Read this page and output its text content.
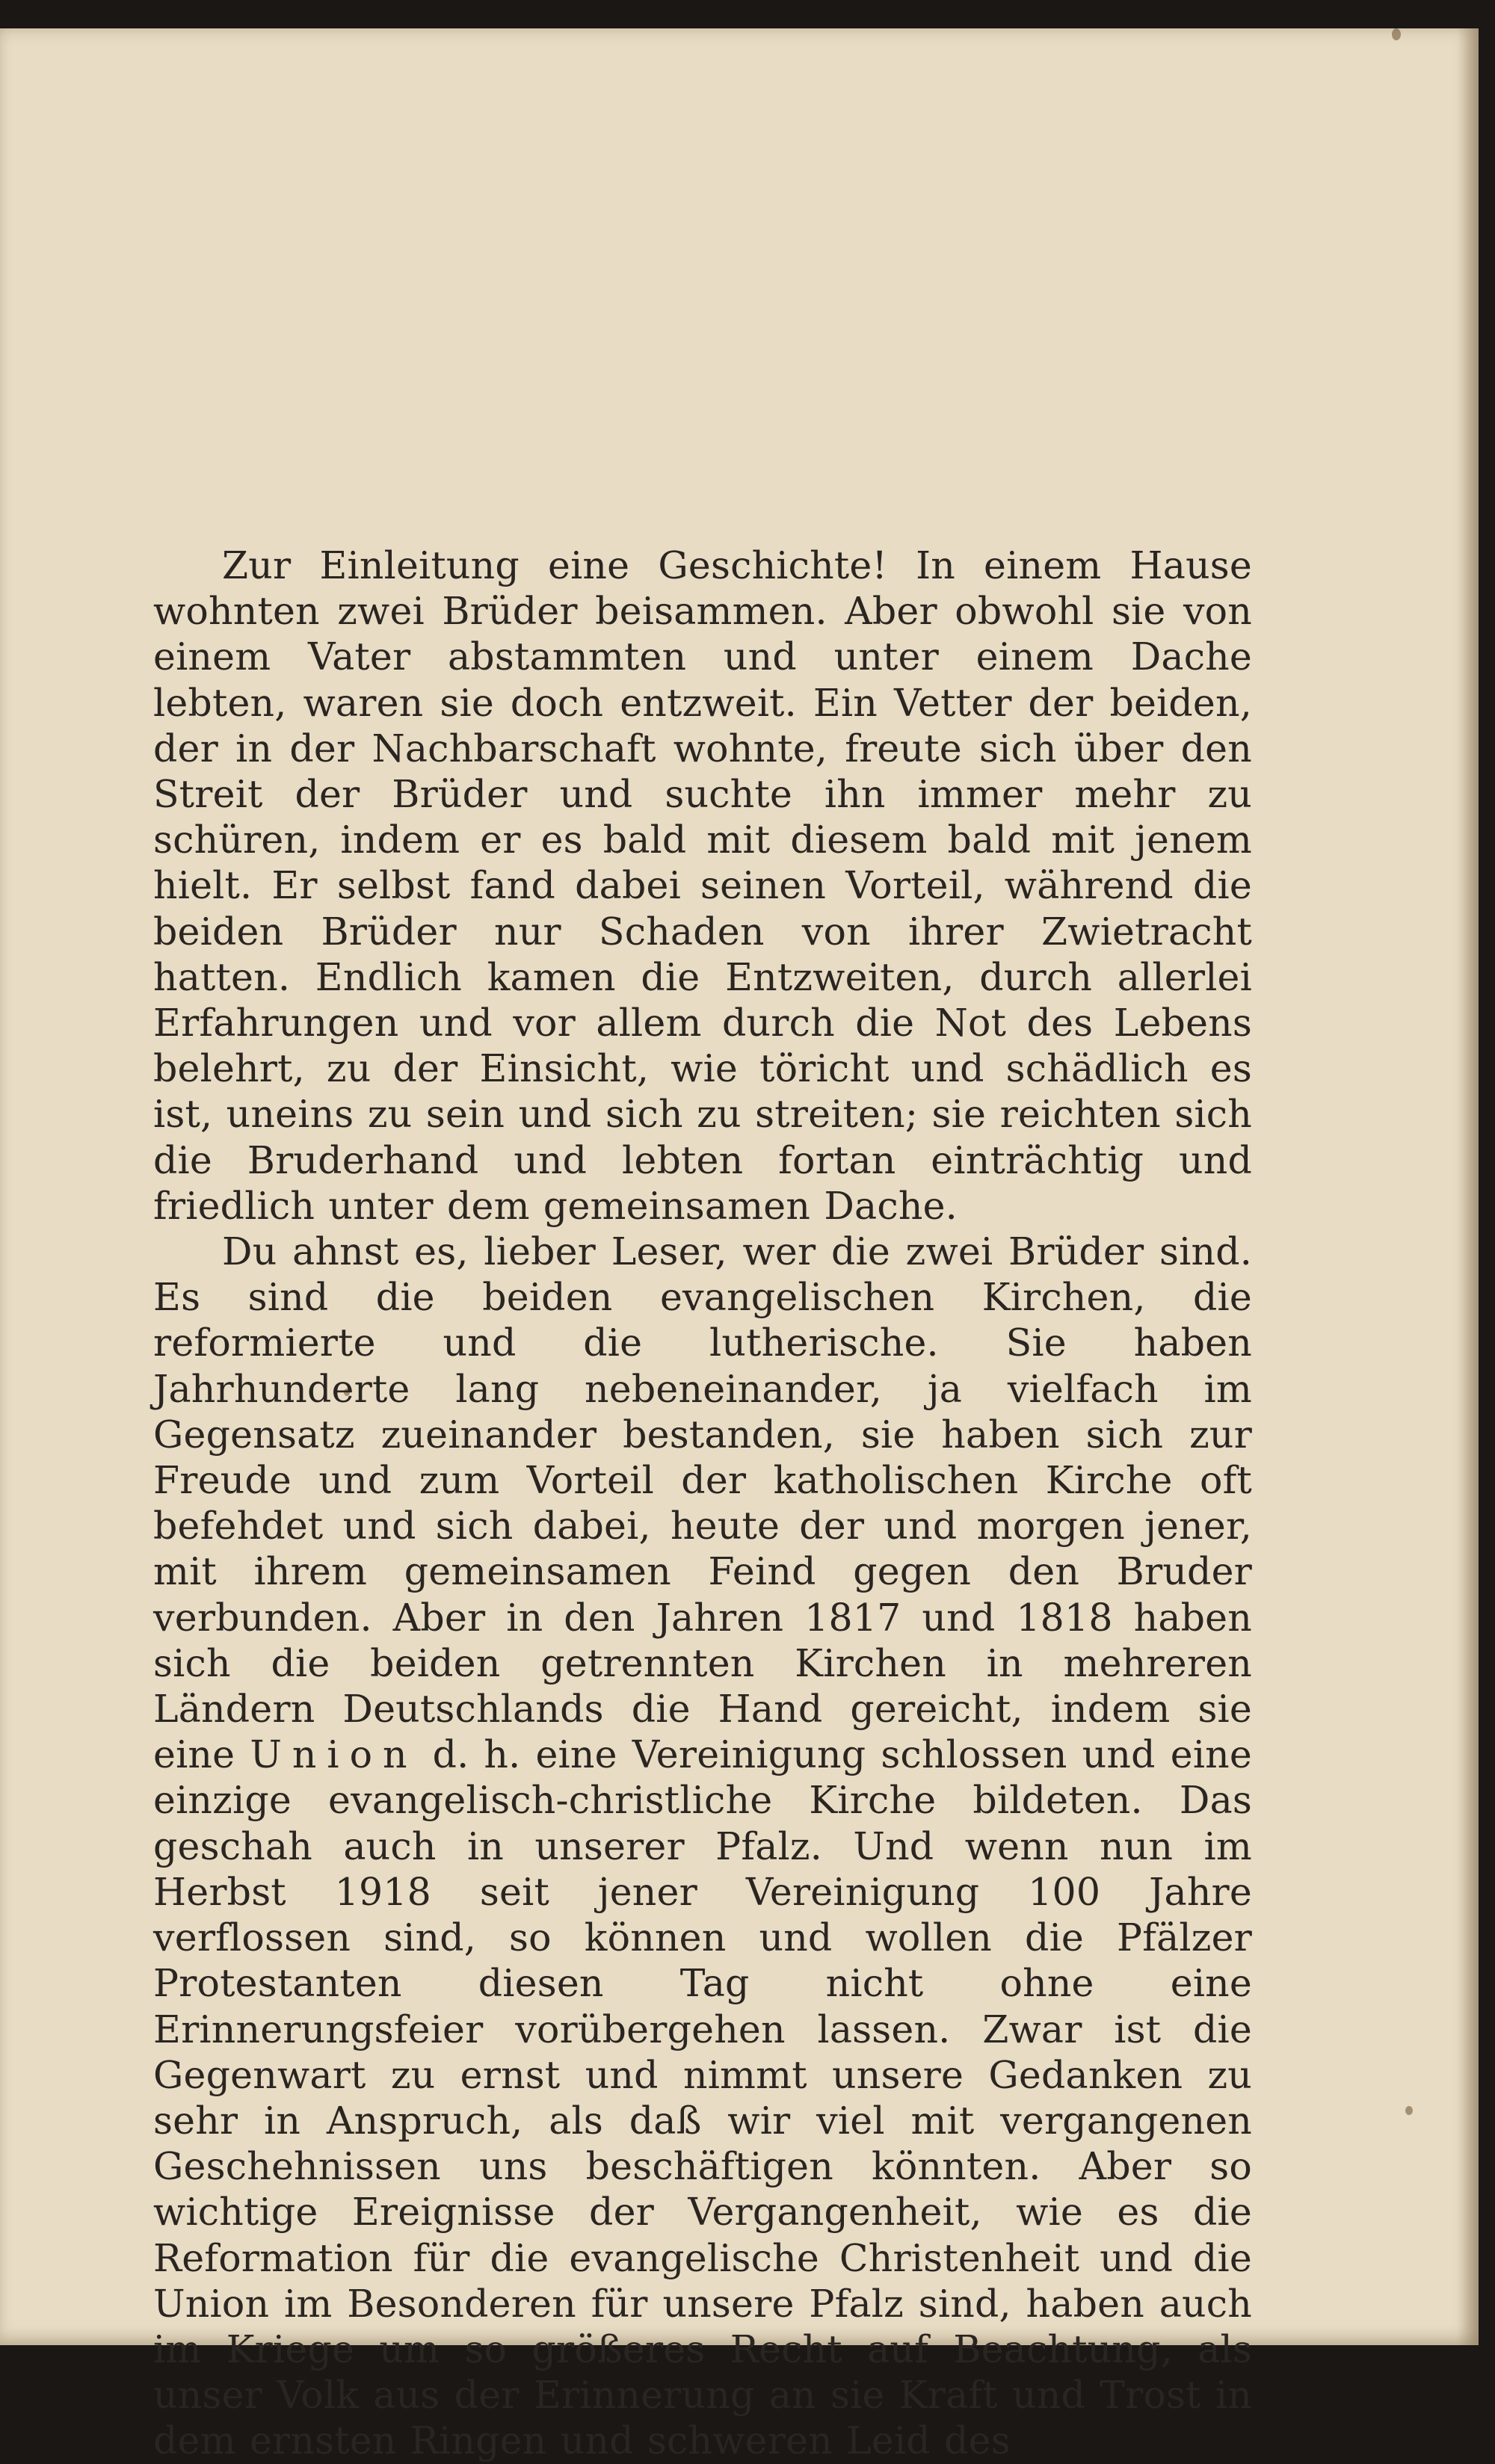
Zur Einleitung eine Geschichte! In einem Hause wohnten zwei Brüder beisammen. Aber obwohl sie von einem Vater abstammten und unter einem Dache lebten, waren sie doch entzweit. Ein Vetter der beiden, der in der Nachbarschaft wohnte, freute sich über den Streit der Brüder und suchte ihn immer mehr zu schüren, indem er es bald mit diesem bald mit jenem hielt. Er selbst fand dabei seinen Vorteil, während die beiden Brüder nur Schaden von ihrer Zwietracht hatten. Endlich kamen die Entzweiten, durch allerlei Erfahrungen und vor allem durch die Not des Lebens belehrt, zu der Einsicht, wie töricht und schädlich es ist, uneins zu sein und sich zu streiten; sie reichten sich die Bruderhand und lebten fortan einträchtig und friedlich unter dem gemeinsamen Dache.

Du ahnst es, lieber Leser, wer die zwei Brüder sind. Es sind die beiden evangelischen Kirchen, die reformierte und die lutherische. Sie haben Jahrhunderte lang nebeneinander, ja vielfach im Gegensatz zueinander bestanden, sie haben sich zur Freude und zum Vorteil der katholischen Kirche oft befehdet und sich dabei, heute der und morgen jener, mit ihrem gemeinsamen Feind gegen den Bruder verbunden. Aber in den Jahren 1817 und 1818 haben sich die beiden getrennten Kirchen in mehreren Ländern Deutschlands die Hand gereicht, indem sie eine Union d. h. eine Vereinigung schlossen und eine einzige evangelisch-christliche Kirche bildeten. Das geschah auch in unserer Pfalz. Und wenn nun im Herbst 1918 seit jener Vereinigung 100 Jahre verflossen sind, so können und wollen die Pfälzer Protestanten diesen Tag nicht ohne eine Erinnerungsfeier vorübergehen lassen. Zwar ist die Gegenwart zu ernst und nimmt unsere Gedanken zu sehr in Anspruch, als daß wir viel mit vergangenen Geschehnissen uns beschäftigen könnten. Aber so wichtige Ereignisse der Vergangenheit, wie es die Reformation für die evangelische Christenheit und die Union im Besonderen für unsere Pfalz sind, haben auch im Kriege um so größeres Recht auf Beachtung, als unser Volk aus der Erinnerung an sie Kraft und Trost in dem ernsten Ringen und schweren Leid des
